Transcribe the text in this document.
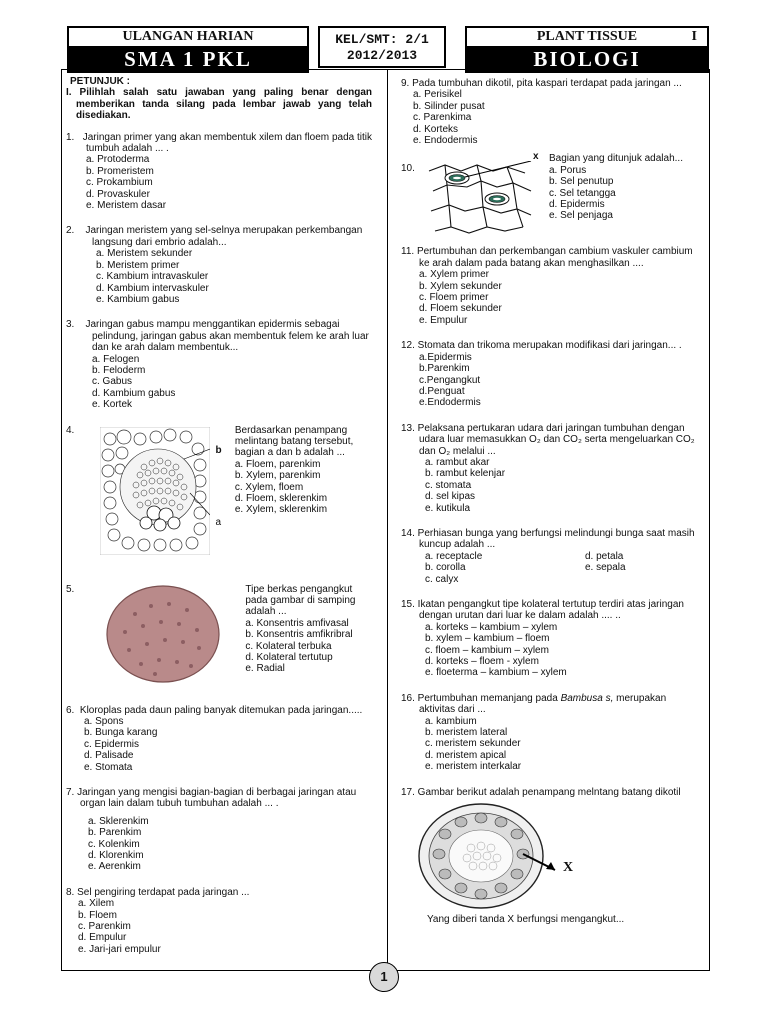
ULANGAN HARIAN
SMA 1 PKL
KEL/SMT: 2/1
2012/2013
PLANT TISSUE	I
BIOLOGI
PETUNJUK :
I. Pilihlah salah satu jawaban yang paling benar dengan memberikan tanda silang pada lembar jawab yang telah disediakan.
1.   Jaringan primer yang akan membentuk xilem dan floem pada titik tumbuh adalah ... .
a. Protoderma
b. Promeristem
c. Prokambium
d. Provaskuler
e. Meristem dasar
2.    Jaringan meristem yang sel-selnya merupakan perkembangan langsung dari embrio adalah...
a. Meristem sekunder
b. Meristem primer
c. Kambium intravaskuler
d. Kambium intervaskuler
e. Kambium gabus
3.    Jaringan gabus mampu menggantikan epidermis sebagai pelindung, jaringan gabus akan membentuk felem ke arah luar  dan ke arah dalam membentuk...
a. Felogen
b. Feloderm
c. Gabus
d. Kambium gabus
e. Kortek
4.
b
a
Berdasarkan penampang melintang batang tersebut, bagian a dan b adalah ...
a. Floem, parenkim
b. Xylem, parenkim
c. Xylem, floem
d. Floem, sklerenkim
e. Xylem, sklerenkim
5.	Tipe berkas pengangkut pada gambar di samping adalah ...
a. Konsentris amfivasal
b. Konsentris amfikribral
c. Kolateral terbuka
d. Kolateral tertutup
e. Radial
6.  Kloroplas pada daun paling banyak ditemukan pada jaringan.....
a. Spons
b. Bunga karang
c. Epidermis
d. Palisade
e. Stomata
7. Jaringan yang mengisi bagian-bagian di berbagai jaringan atau organ lain dalam tubuh tumbuhan adalah ... .
a. Sklerenkim
b. Parenkim
c. Kolenkim
d. Klorenkim
e. Aerenkim
8. Sel pengiring terdapat pada jaringan ...
a. Xilem
b. Floem
c. Parenkim
d. Empulur
e. Jari-jari empulur
9. Pada tumbuhan dikotil, pita kaspari terdapat pada jaringan ...
a. Perisikel
b. Silinder pusat
c. Parenkima
d. Korteks
e. Endodermis
10.
x Bagian yang ditunjuk adalah...
a. Porus
b. Sel penutup
c. Sel tetangga
d. Epidermis
e. Sel penjaga
11. Pertumbuhan dan perkembangan cambium vaskuler cambium ke arah dalam pada batang akan menghasilkan ....
a. Xylem primer
b. Xylem sekunder
c. Floem primer
d. Floem sekunder
e. Empulur
12. Stomata dan trikoma merupakan modifikasi dari jaringan... .
a.Epidermis
b.Parenkim
c.Pengangkut
d.Penguat
e.Endodermis
13. Pelaksana pertukaran udara dari jaringan tumbuhan dengan udara luar memasukkan O₂ dan CO₂ serta mengeluarkan CO₂ dan O₂ melalui ...
a. rambut akar
b. rambut kelenjar
c. stomata
d. sel kipas
e. kutikula
14. Perhiasan bunga yang berfungsi melindungi bunga saat masih kuncup adalah ...
a. receptacle	d. petala
b. corolla	e. sepala
c. calyx
15. Ikatan pengangkut tipe kolateral tertutup terdiri atas jaringan dengan urutan dari luar ke dalam adalah .... ..
a. korteks – kambium – xylem
b. xylem – kambium – floem
c. floem – kambium – xylem
d. korteks – floem - xylem
e. floeterma – kambium – xylem
16. Pertumbuhan memanjang pada Bambusa s, merupakan aktivitas dari ...
a. kambium
b. meristem lateral
c. meristem sekunder
d. meristem apical
e. meristem interkalar
17. Gambar berikut adalah penampang melntang batang dikotil
X
Yang diberi tanda X berfungsi mengangkut...
1
